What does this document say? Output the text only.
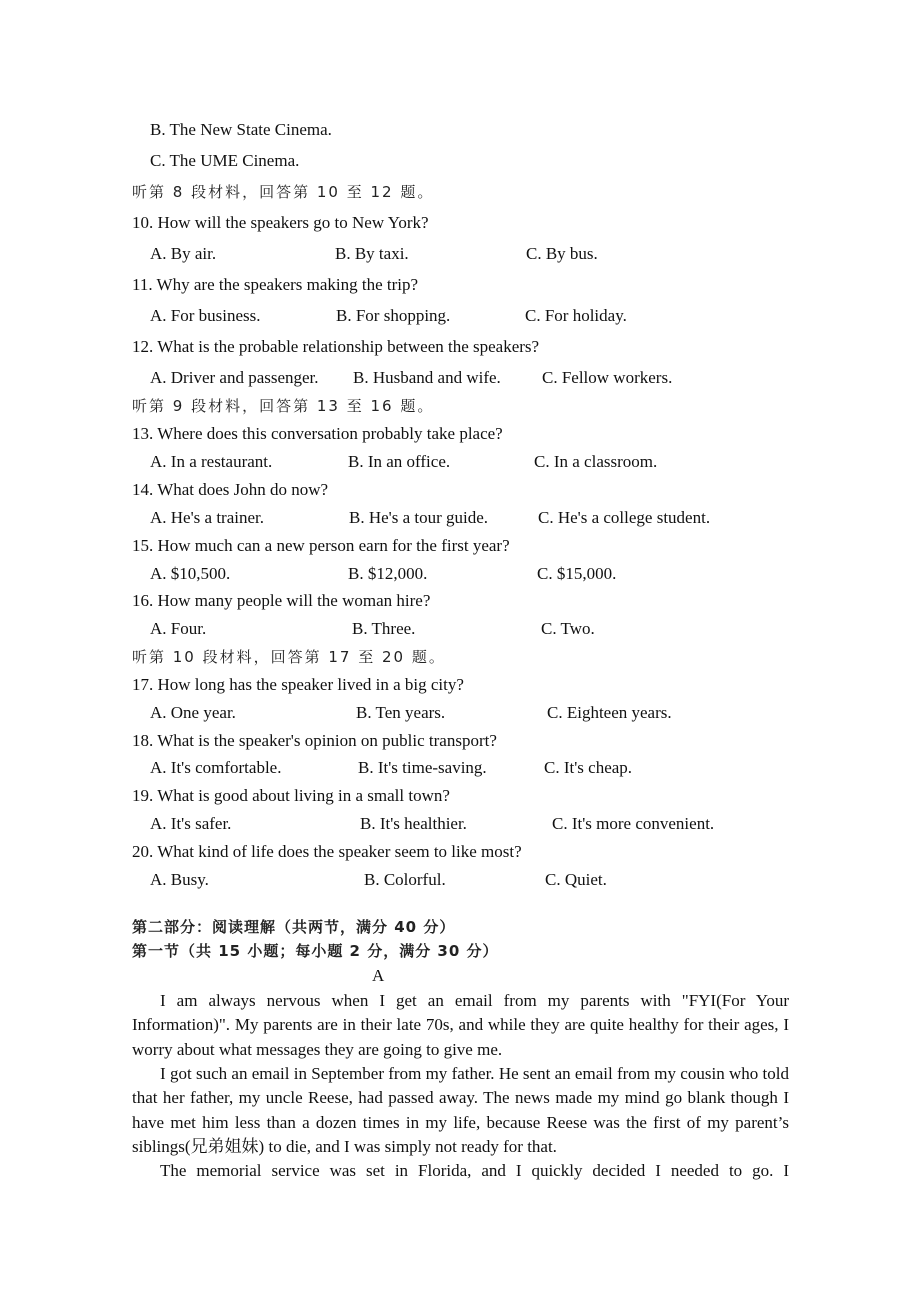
B. The New State Cinema.
C. The UME Cinema.
听第 8 段材料，回答第 10 至 12 题。
10. How will the speakers go to New York?
A. By air.	B. By taxi.	C. By bus.
11. Why are the speakers making the trip?
A. For business.	B. For shopping.	C. For holiday.
12. What is the probable relationship between the speakers?
A. Driver and passenger. B. Husband and wife. C. Fellow workers.
听第 9 段材料，回答第 13 至 16 题。
13. Where does this conversation probably take place?
A. In a restaurant.	B. In an office.	C. In a classroom.
14. What does John do now?
A. He's a trainer.	B. He's a tour guide.	C. He's a college student.
15. How much can a new person earn for the first year?
A. $10,500.	B. $12,000.	C. $15,000.
16. How many people will the woman hire?
A. Four.	B. Three.	C. Two.
听第 10 段材料，回答第 17 至 20 题。
17. How long has the speaker lived in a big city?
A. One year.	B. Ten years.	C. Eighteen years.
18. What is the speaker's opinion on public transport?
A. It's comfortable.	B. It's time-saving.	C. It's cheap.
19. What is good about living in a small town?
A. It's safer.	B. It's healthier.	C. It's more convenient.
20. What kind of life does the speaker seem to like most?
A. Busy.	B. Colorful.	C. Quiet.
第二部分：阅读理解（共两节，满分 40 分）
第一节（共 15 小题；每小题 2 分，满分 30 分）
A
I am always nervous when I get an email from my parents with "FYI(For Your Information)". My parents are in their late 70s, and while they are quite healthy for their ages, I worry about what messages they are going to give me.
I got such an email in September from my father. He sent an email from my cousin who told that her father, my uncle Reese, had passed away. The news made my mind go blank though I have met him less than a dozen times in my life, because Reese was the first of my parent’s siblings(兄弟姐妹) to die, and I was simply not ready for that.
The memorial service was set in Florida, and I quickly decided I needed to go. I
